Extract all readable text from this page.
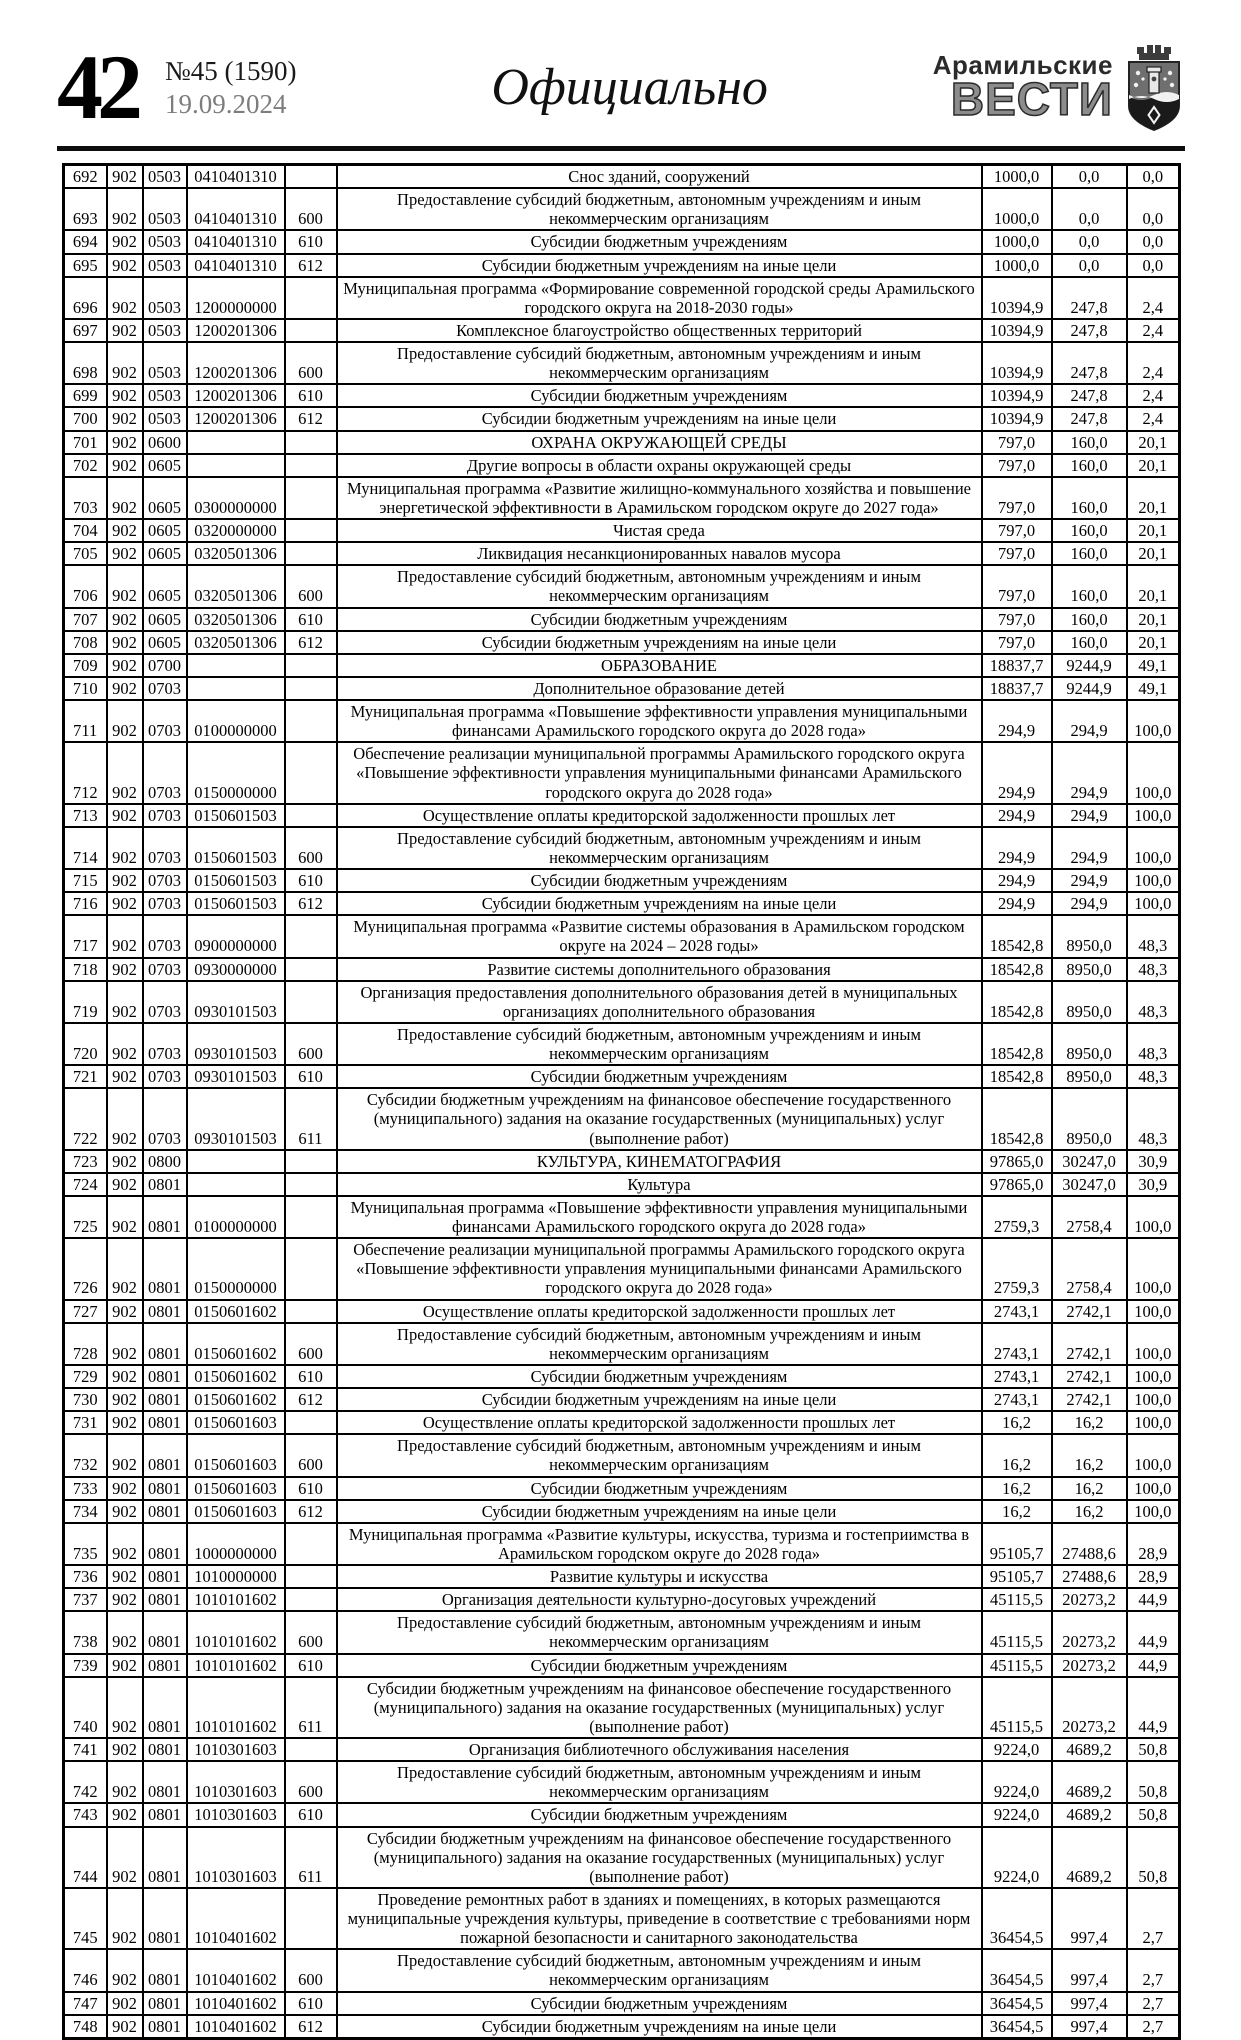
42 №45 (1590)
19.09.2024	Официально	Арамильские
ВЕСТИ
692	902	0503	0410401310		Снос зданий, сооружений	1000,0	0,0	0,0
693	902	0503	0410401310	600	Предоставление субсидий бюджетным, автономным учреждениям и иным некоммерческим организациям	1000,0	0,0	0,0
694	902	0503	0410401310	610	Субсидии бюджетным учреждениям	1000,0	0,0	0,0
695	902	0503	0410401310	612	Субсидии бюджетным учреждениям на иные цели	1000,0	0,0	0,0
696	902	0503	1200000000		Муниципальная программа «Формирование современной городской среды Арамильского городского округа на 2018-2030 годы»	10394,9	247,8	2,4
697	902	0503	1200201306		Комплексное благоустройство общественных территорий	10394,9	247,8	2,4
698	902	0503	1200201306	600	Предоставление субсидий бюджетным, автономным учреждениям и иным некоммерческим организациям	10394,9	247,8	2,4
699	902	0503	1200201306	610	Субсидии бюджетным учреждениям	10394,9	247,8	2,4
700	902	0503	1200201306	612	Субсидии бюджетным учреждениям на иные цели	10394,9	247,8	2,4
701	902	0600			ОХРАНА ОКРУЖАЮЩЕЙ СРЕДЫ	797,0	160,0	20,1
702	902	0605			Другие вопросы в области охраны окружающей среды	797,0	160,0	20,1
703	902	0605	0300000000		Муниципальная программа «Развитие жилищно-коммунального хозяйства и повышение энергетической эффективности в Арамильском городском округе до 2027 года»	797,0	160,0	20,1
704	902	0605	0320000000		Чистая среда	797,0	160,0	20,1
705	902	0605	0320501306		Ликвидация несанкционированных навалов мусора	797,0	160,0	20,1
706	902	0605	0320501306	600	Предоставление субсидий бюджетным, автономным учреждениям и иным некоммерческим организациям	797,0	160,0	20,1
707	902	0605	0320501306	610	Субсидии бюджетным учреждениям	797,0	160,0	20,1
708	902	0605	0320501306	612	Субсидии бюджетным учреждениям на иные цели	797,0	160,0	20,1
709	902	0700			ОБРАЗОВАНИЕ	18837,7	9244,9	49,1
710	902	0703			Дополнительное образование детей	18837,7	9244,9	49,1
711	902	0703	0100000000		Муниципальная программа «Повышение эффективности управления муниципальными финансами Арамильского городского округа до 2028 года»	294,9	294,9	100,0
712	902	0703	0150000000		Обеспечение реализации муниципальной программы Арамильского городского округа «Повышение эффективности управления муниципальными финансами Арамильского городского округа до 2028 года»	294,9	294,9	100,0
713	902	0703	0150601503		Осуществление оплаты кредиторской задолженности прошлых лет	294,9	294,9	100,0
714	902	0703	0150601503	600	Предоставление субсидий бюджетным, автономным учреждениям и иным некоммерческим организациям	294,9	294,9	100,0
715	902	0703	0150601503	610	Субсидии бюджетным учреждениям	294,9	294,9	100,0
716	902	0703	0150601503	612	Субсидии бюджетным учреждениям на иные цели	294,9	294,9	100,0
717	902	0703	0900000000		Муниципальная программа «Развитие системы образования в Арамильском городском округе на 2024 – 2028 годы»	18542,8	8950,0	48,3
718	902	0703	0930000000		Развитие системы дополнительного образования	18542,8	8950,0	48,3
719	902	0703	0930101503		Организация предоставления дополнительного образования детей в муниципальных организациях дополнительного образования	18542,8	8950,0	48,3
720	902	0703	0930101503	600	Предоставление субсидий бюджетным, автономным учреждениям и иным некоммерческим организациям	18542,8	8950,0	48,3
721	902	0703	0930101503	610	Субсидии бюджетным учреждениям	18542,8	8950,0	48,3
722	902	0703	0930101503	611	Субсидии бюджетным учреждениям на финансовое обеспечение государственного (муниципального) задания на оказание государственных (муниципальных) услуг (выполнение работ)	18542,8	8950,0	48,3
723	902	0800			КУЛЬТУРА, КИНЕМАТОГРАФИЯ	97865,0	30247,0	30,9
724	902	0801			Культура	97865,0	30247,0	30,9
725	902	0801	0100000000		Муниципальная программа «Повышение эффективности управления муниципальными финансами Арамильского городского округа до 2028 года»	2759,3	2758,4	100,0
726	902	0801	0150000000		Обеспечение реализации муниципальной программы Арамильского городского округа «Повышение эффективности управления муниципальными финансами Арамильского городского округа до 2028 года»	2759,3	2758,4	100,0
727	902	0801	0150601602		Осуществление оплаты кредиторской задолженности прошлых лет	2743,1	2742,1	100,0
728	902	0801	0150601602	600	Предоставление субсидий бюджетным, автономным учреждениям и иным некоммерческим организациям	2743,1	2742,1	100,0
729	902	0801	0150601602	610	Субсидии бюджетным учреждениям	2743,1	2742,1	100,0
730	902	0801	0150601602	612	Субсидии бюджетным учреждениям на иные цели	2743,1	2742,1	100,0
731	902	0801	0150601603		Осуществление оплаты кредиторской задолженности прошлых лет	16,2	16,2	100,0
732	902	0801	0150601603	600	Предоставление субсидий бюджетным, автономным учреждениям и иным некоммерческим организациям	16,2	16,2	100,0
733	902	0801	0150601603	610	Субсидии бюджетным учреждениям	16,2	16,2	100,0
734	902	0801	0150601603	612	Субсидии бюджетным учреждениям на иные цели	16,2	16,2	100,0
735	902	0801	1000000000		Муниципальная программа «Развитие культуры, искусства, туризма и гостеприимства в Арамильском городском округе до 2028 года»	95105,7	27488,6	28,9
736	902	0801	1010000000		Развитие культуры и искусства	95105,7	27488,6	28,9
737	902	0801	1010101602		Организация деятельности культурно-досуговых учреждений	45115,5	20273,2	44,9
738	902	0801	1010101602	600	Предоставление субсидий бюджетным, автономным учреждениям и иным некоммерческим организациям	45115,5	20273,2	44,9
739	902	0801	1010101602	610	Субсидии бюджетным учреждениям	45115,5	20273,2	44,9
740	902	0801	1010101602	611	Субсидии бюджетным учреждениям на финансовое обеспечение государственного (муниципального) задания на оказание государственных (муниципальных) услуг (выполнение работ)	45115,5	20273,2	44,9
741	902	0801	1010301603		Организация библиотечного обслуживания населения	9224,0	4689,2	50,8
742	902	0801	1010301603	600	Предоставление субсидий бюджетным, автономным учреждениям и иным некоммерческим организациям	9224,0	4689,2	50,8
743	902	0801	1010301603	610	Субсидии бюджетным учреждениям	9224,0	4689,2	50,8
744	902	0801	1010301603	611	Субсидии бюджетным учреждениям на финансовое обеспечение государственного (муниципального) задания на оказание государственных (муниципальных) услуг (выполнение работ)	9224,0	4689,2	50,8
745	902	0801	1010401602		Проведение ремонтных работ в зданиях и помещениях, в которых размещаются муниципальные учреждения культуры, приведение в соответствие с требованиями норм пожарной безопасности и санитарного законодательства	36454,5	997,4	2,7
746	902	0801	1010401602	600	Предоставление субсидий бюджетным, автономным учреждениям и иным некоммерческим организациям	36454,5	997,4	2,7
747	902	0801	1010401602	610	Субсидии бюджетным учреждениям	36454,5	997,4	2,7
748	902	0801	1010401602	612	Субсидии бюджетным учреждениям на иные цели	36454,5	997,4	2,7
